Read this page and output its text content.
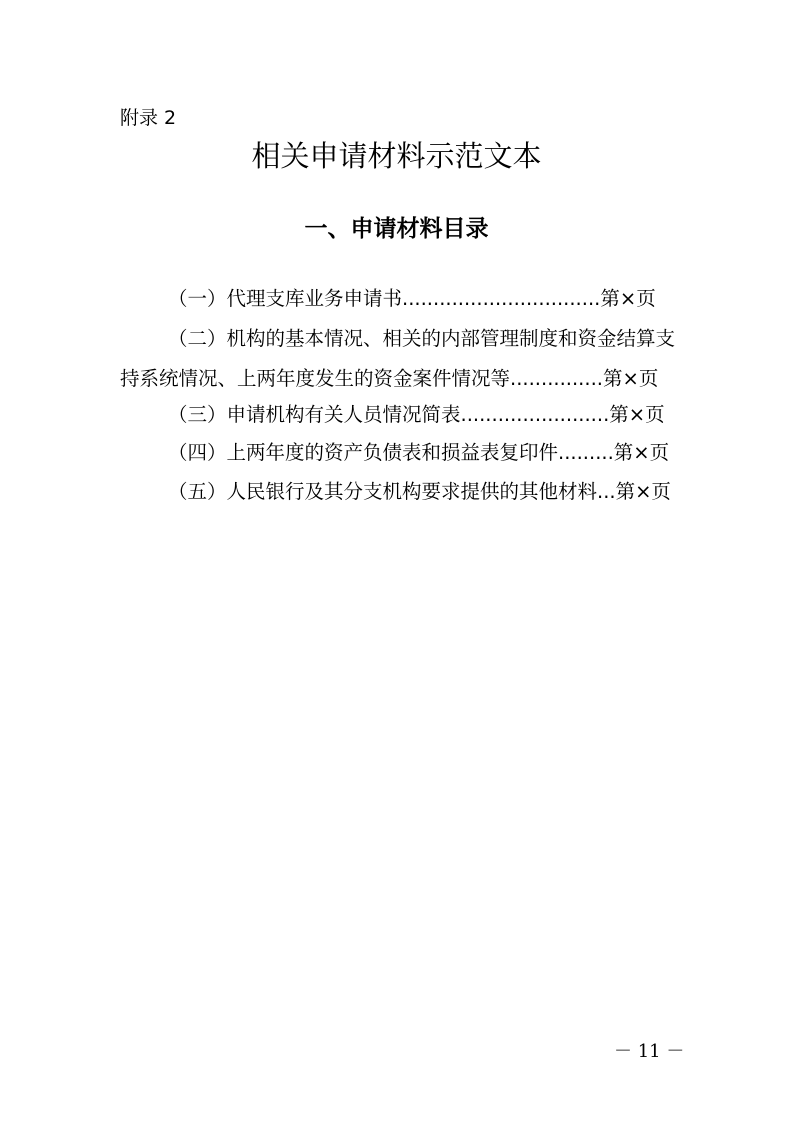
附录 2
相关申请材料示范文本
一、申请材料目录
（一）代理支库业务申请书................................第×页
（二）机构的基本情况、相关的内部管理制度和资金结算支
持系统情况、上两年度发生的资金案件情况等...............第×页
（三）申请机构有关人员情况简表........................第×页
（四）上两年度的资产负债表和损益表复印件.........第×页
（五）人民银行及其分支机构要求提供的其他材料...第×页
－ 11 －
